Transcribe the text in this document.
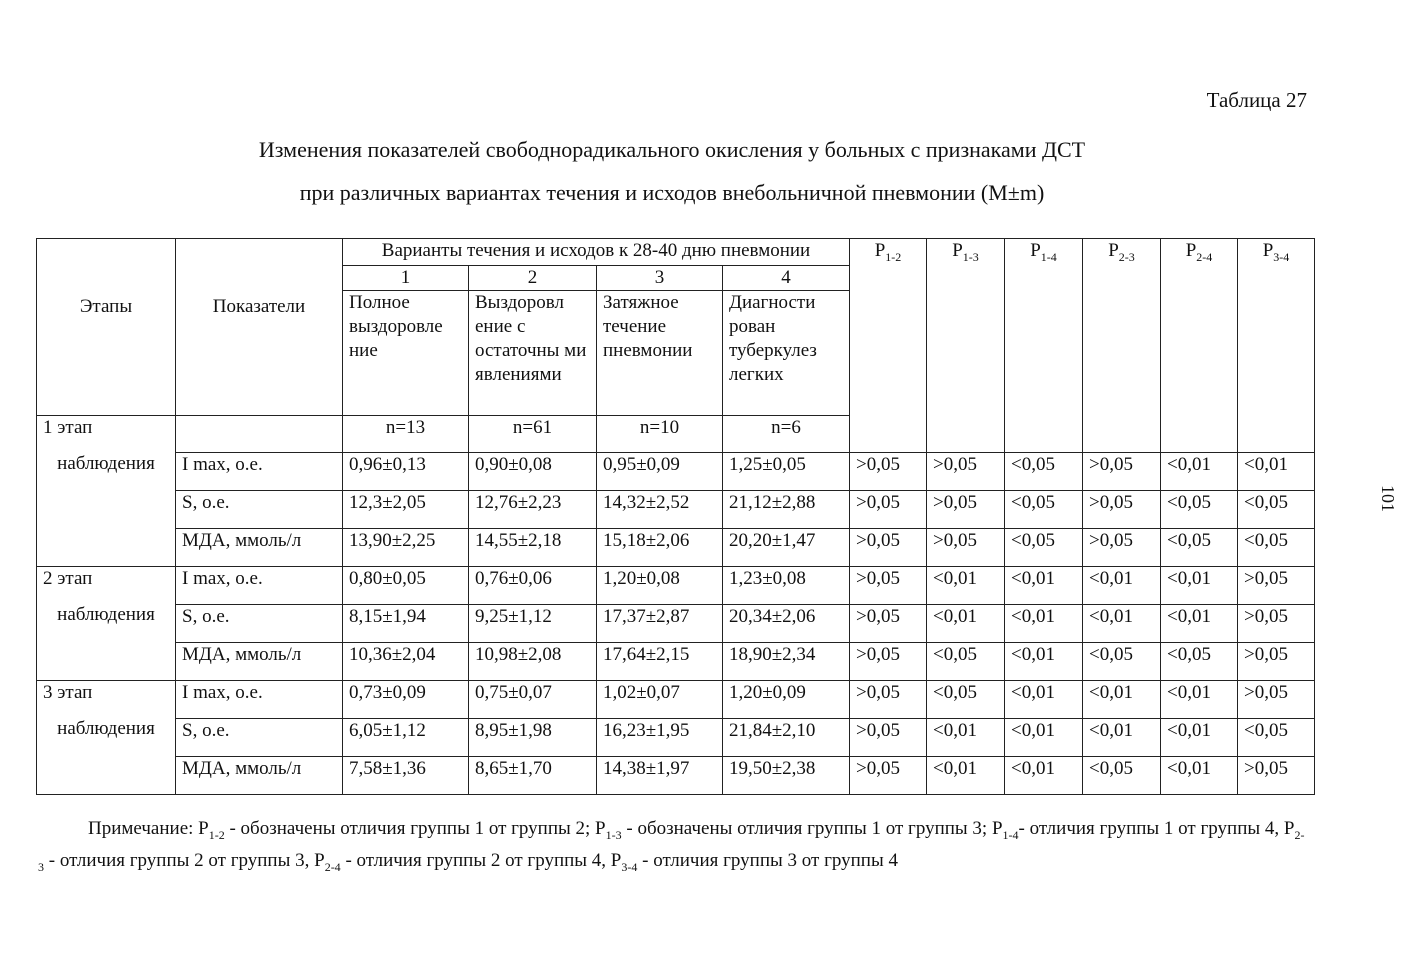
Таблица 27
Изменения показателей свободнорадикального окисления у больных с признаками ДСТ
при различных вариантах течения и исходов внебольничной пневмонии (M±m)
101
Этапы	Показатели	Варианты течения и исходов к 28-40 дню пневмонии				$P_{1-2}$	$P_{1-3}$	$P_{1-4}$	$P_{2-3}$	$P_{2-4}$	$P_{3-4}$
		1	2	3	4						
		Полное выздоровле ние	Выздоровл ение с остаточны ми явлениями	Затяжное течение пневмонии	Диагности рован туберкулез легких						

1 этап
наблюдения		n=13	n=61	n=10	n=6						
	I max, о.е.	0,96±0,13	0,90±0,08	0,95±0,09	1,25±0,05	>0,05	>0,05	<0,05	>0,05	<0,01	<0,01
	S, о.е.	12,3±2,05	12,76±2,23	14,32±2,52	21,12±2,88	>0,05	>0,05	<0,05	>0,05	<0,05	<0,05
	МДА, ммоль/л	13,90±2,25	14,55±2,18	15,18±2,06	20,20±1,47	>0,05	>0,05	<0,05	>0,05	<0,05	<0,05

2 этап
наблюдения	I max, о.е.	0,80±0,05	0,76±0,06	1,20±0,08	1,23±0,08	>0,05	<0,01	<0,01	<0,01	<0,01	>0,05
	S, о.е.	8,15±1,94	9,25±1,12	17,37±2,87	20,34±2,06	>0,05	<0,01	<0,01	<0,01	<0,01	>0,05
	МДА, ммоль/л	10,36±2,04	10,98±2,08	17,64±2,15	18,90±2,34	>0,05	<0,05	<0,01	<0,05	<0,05	>0,05

3 этап
наблюдения	I max, о.е.	0,73±0,09	0,75±0,07	1,02±0,07	1,20±0,09	>0,05	<0,05	<0,01	<0,01	<0,01	>0,05
	S, о.е.	6,05±1,12	8,95±1,98	16,23±1,95	21,84±2,10	>0,05	<0,01	<0,01	<0,01	<0,01	<0,05
	МДА, ммоль/л	7,58±1,36	8,65±1,70	14,38±1,97	19,50±2,38	>0,05	<0,01	<0,01	<0,05	<0,01	>0,05
Примечание: $P_{1-2}$ - обозначены отличия группы 1 от группы 2; $P_{1-3}$ - обозначены отличия группы 1 от группы 3; $P_{1-4}-$ отличия группы 1 от группы 4, $P_{2-3}$ - отличия группы 2 от группы 3, $P_{2-4}$ - отличия группы 2 от группы 4, $P_{3-4}$ - отличия группы 3 от группы 4
